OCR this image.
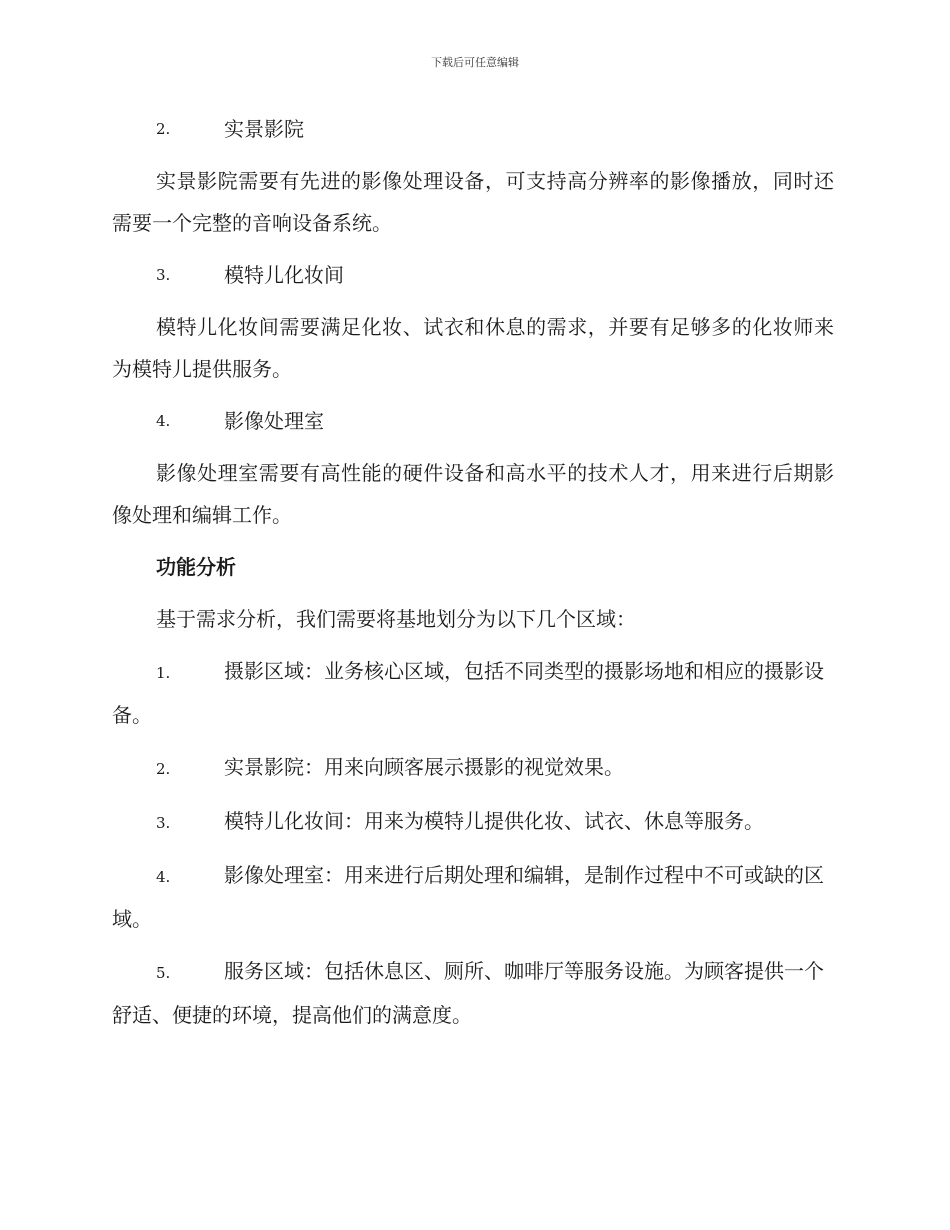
下载后可任意编辑
2.	实景影院

实景影院需要有先进的影像处理设备，可支持高分辨率的影像播放，同时还需要一个完整的音响设备系统。

3.	模特儿化妆间

模特儿化妆间需要满足化妆、试衣和休息的需求，并要有足够多的化妆师来为模特儿提供服务。

4.	影像处理室

影像处理室需要有高性能的硬件设备和高水平的技术人才，用来进行后期影像处理和编辑工作。

功能分析

基于需求分析，我们需要将基地划分为以下几个区域：

1.	摄影区域：业务核心区域，包括不同类型的摄影场地和相应的摄影设备。
2.	实景影院：用来向顾客展示摄影的视觉效果。
3.	模特儿化妆间：用来为模特儿提供化妆、试衣、休息等服务。
4.	影像处理室：用来进行后期处理和编辑，是制作过程中不可或缺的区域。
5.	服务区域：包括休息区、厕所、咖啡厅等服务设施。为顾客提供一个舒适、便捷的环境，提高他们的满意度。
